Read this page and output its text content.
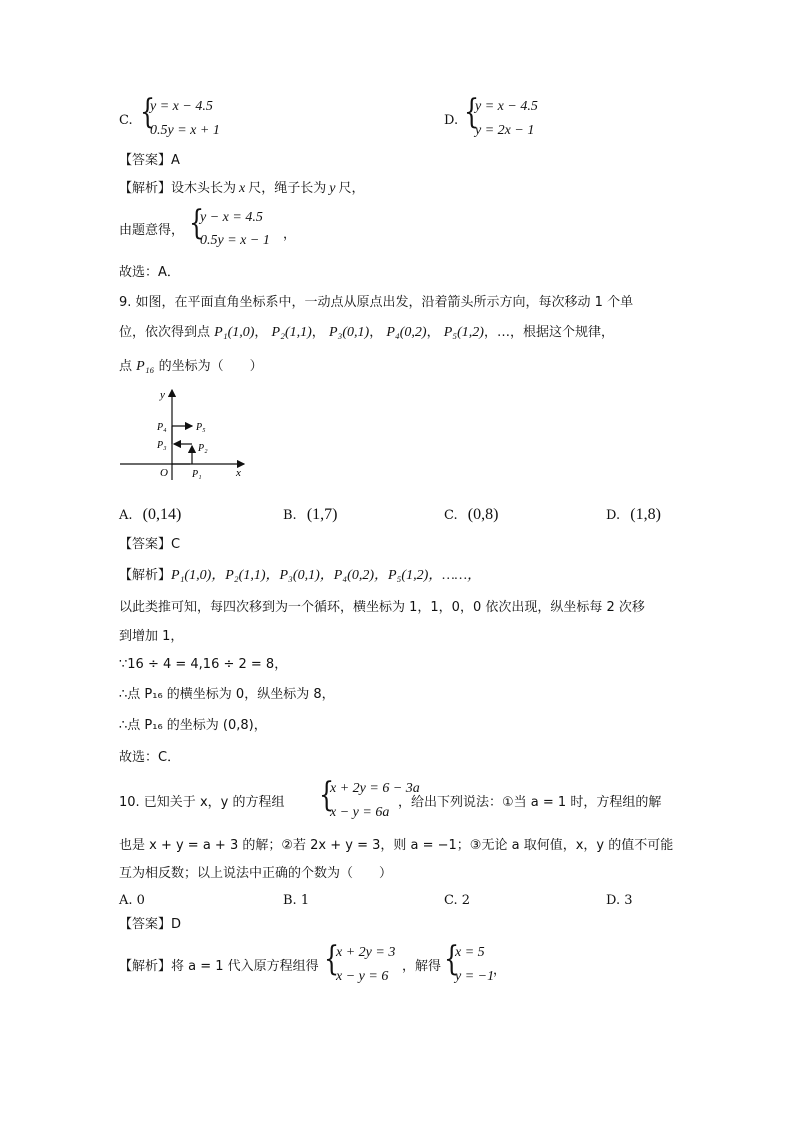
C. {
y = x − 4.5
0.5y = x + 1
D. {
y = x − 4.5
y = 2x − 1
【答案】A
【解析】设木头长为 x 尺，绳子长为 y 尺，
由题意得， {
y − x = 4.5
0.5y = x − 1 ，
故选：A．
9. 如图，在平面直角坐标系中，一动点从原点出发，沿着箭头所示方向，每次移动 1 个单
位，依次得到点 P₁(1,0)， P₂(1,1)， P₃(0,1)， P₄(0,2)， P₅(1,2)，…，根据这个规律，
点 P₁₆ 的坐标为（　　）
y
x
O P₁
P₂
P₃
P₄	P₅
A. (0,14)	B. (1,7)	C. (0,8)	D. (1,8)
【答案】C
【解析】P₁(1,0)，P₂(1,1)，P₃(0,1)，P₄(0,2)，P₅(1,2)，……，
以此类推可知，每四次移到为一个循环，横坐标为 1，1，0，0 依次出现，纵坐标每 2 次移
到增加 1，
∵16 ÷ 4 = 4,16 ÷ 2 = 8，
∴点 P₁₆ 的横坐标为 0，纵坐标为 8，
∴点 P₁₆ 的坐标为 (0,8)，
故选：C．
10. 已知关于 x，y 的方程组 {
x + 2y = 6 − 3a
x − y = 6a
，给出下列说法：①当 a = 1 时，方程组的解
也是 x + y = a + 3 的解；②若 2x + y = 3，则 a = −1；③无论 a 取何值，x，y 的值不可能
互为相反数；以上说法中正确的个数为（　　）
A. 0	B. 1	C. 2	D. 3
【答案】D
【解析】将 a = 1 代入原方程组得 {
x + 2y = 3
x − y = 6
，解得 {
x = 5
y = −1
，
